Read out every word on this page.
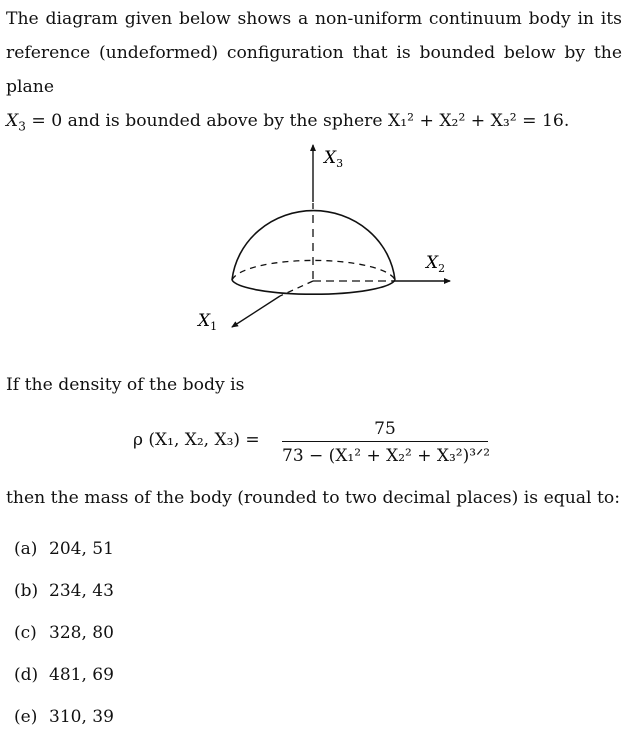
The diagram given below shows a non-uniform continuum body in its
reference (undeformed) configuration that is bounded below by the plane
$X_3 = 0$ and is bounded above by the sphere X₁² + X₂² + X₃² = 16.
$X_3$
$X_2$
$X_1$
If the density of the body is
ρ (X₁, X₂, X₃) =
75
73 − (X₁² + X₂² + X₃²)³ᐟ²
then the mass of the body (rounded to two decimal places) is equal to:
(a) 204, 51
(b) 234, 43
(c) 328, 80
(d) 481, 69
(e) 310, 39
